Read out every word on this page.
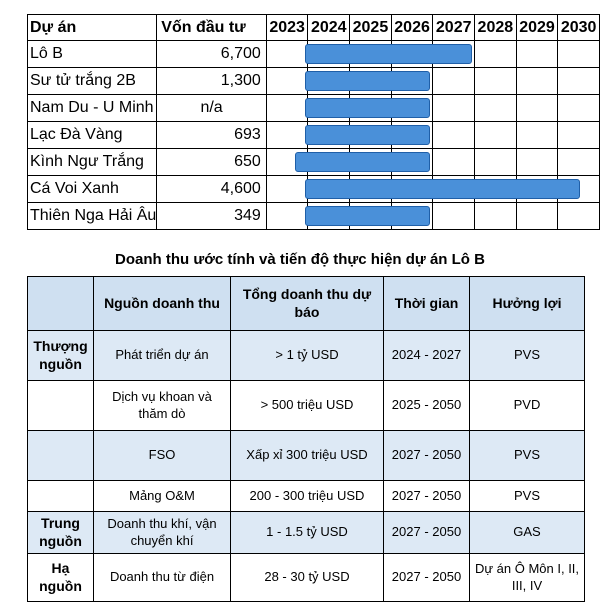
Dự án	Vốn đầu tư	2023	2024	2025	2026	2027	2028	2029	2030
Lô B	6,700								
Sư tử trắng 2B	1,300								
Nam Du - U Minh	n/a								
Lạc Đà Vàng	693								
Kình Ngư Trắng	650								
Cá Voi Xanh	4,600								
Thiên Nga Hải Âu	349								
Doanh thu ước tính và tiến độ thực hiện dự án Lô B
	Nguồn doanh thu	Tổng doanh thu dự báo	Thời gian	Hưởng lợi
Thượng nguồn	Phát triển dự án	> 1 tỷ USD	2024 - 2027	PVS
	Dịch vụ khoan và thăm dò	> 500 triệu USD	2025 - 2050	PVD
	FSO	Xấp xỉ 300 triệu USD	2027 - 2050	PVS
	Mảng O&M	200 - 300 triệu USD	2027 - 2050	PVS
Trung nguồn	Doanh thu khí, vận chuyển khí	1 - 1.5 tỷ USD	2027 - 2050	GAS
Hạ nguồn	Doanh thu từ điện	28 - 30 tỷ USD	2027 - 2050	Dự án Ô Môn I, II, III, IV
